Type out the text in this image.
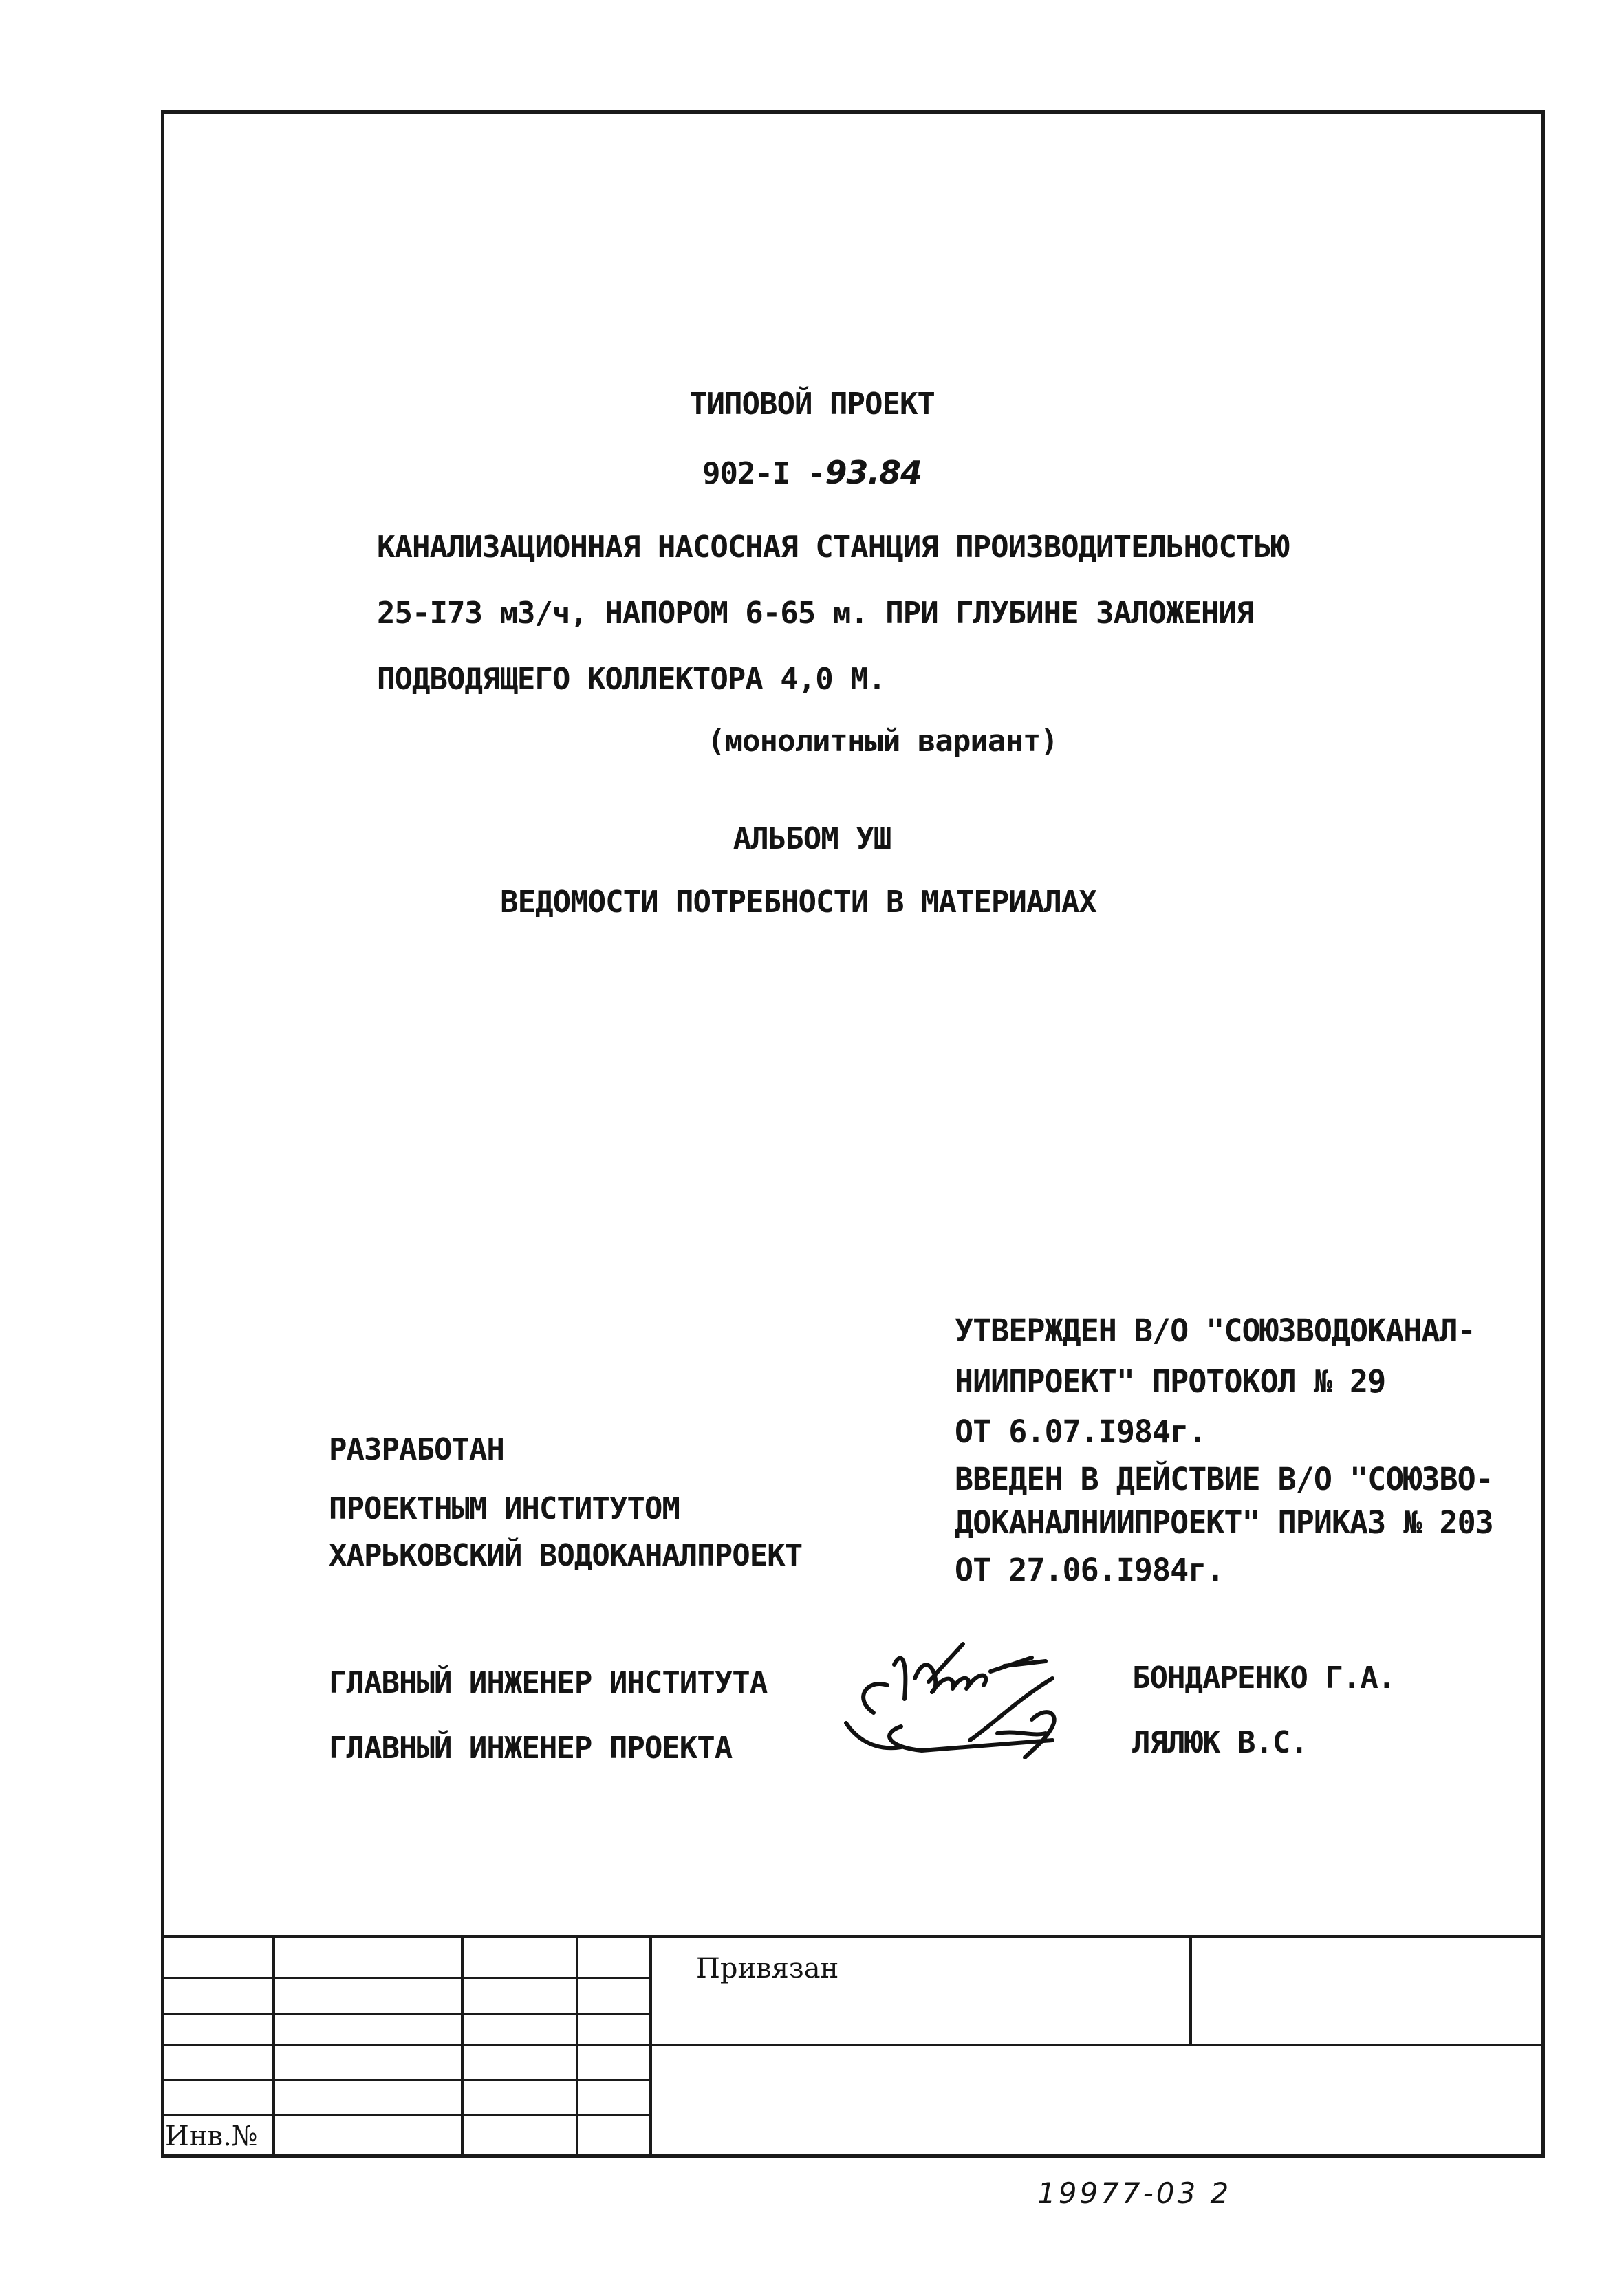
ТИПОВОЙ ПРОЕКТ
902-I -93.84
КАНАЛИЗАЦИОННАЯ НАСОСНАЯ СТАНЦИЯ ПРОИЗВОДИТЕЛЬНОСТЬЮ
25-I73 мЗ/ч, НАПОРОМ 6-65 м. ПРИ ГЛУБИНЕ ЗАЛОЖЕНИЯ
ПОДВОДЯЩЕГО КОЛЛЕКТОРА 4,0 М.
(монолитный вариант)
АЛЬБОМ УШ
ВЕДОМОСТИ ПОТРЕБНОСТИ В МАТЕРИАЛАХ
УТВЕРЖДЕН В/О "СОЮЗВОДОКАНАЛ-
НИИПРОЕКТ" ПРОТОКОЛ № 29
ОТ 6.07.I984г.
ВВЕДЕН В ДЕЙСТВИЕ В/О "СОЮЗВО-
ДОКАНАЛНИИПРОЕКТ" ПРИКАЗ № 203
ОТ 27.06.I984г.
РАЗРАБОТАН
ПРОЕКТНЫМ ИНСТИТУТОМ
ХАРЬКОВСКИЙ ВОДОКАНАЛПРОЕКТ
ГЛАВНЫЙ ИНЖЕНЕР ИНСТИТУТА	БОНДАРЕНКО Г.А.
ГЛАВНЫЙ ИНЖЕНЕР ПРОЕКТА	ЛЯЛЮК В.С.
Привязан
Инв.№
19977-03 2
